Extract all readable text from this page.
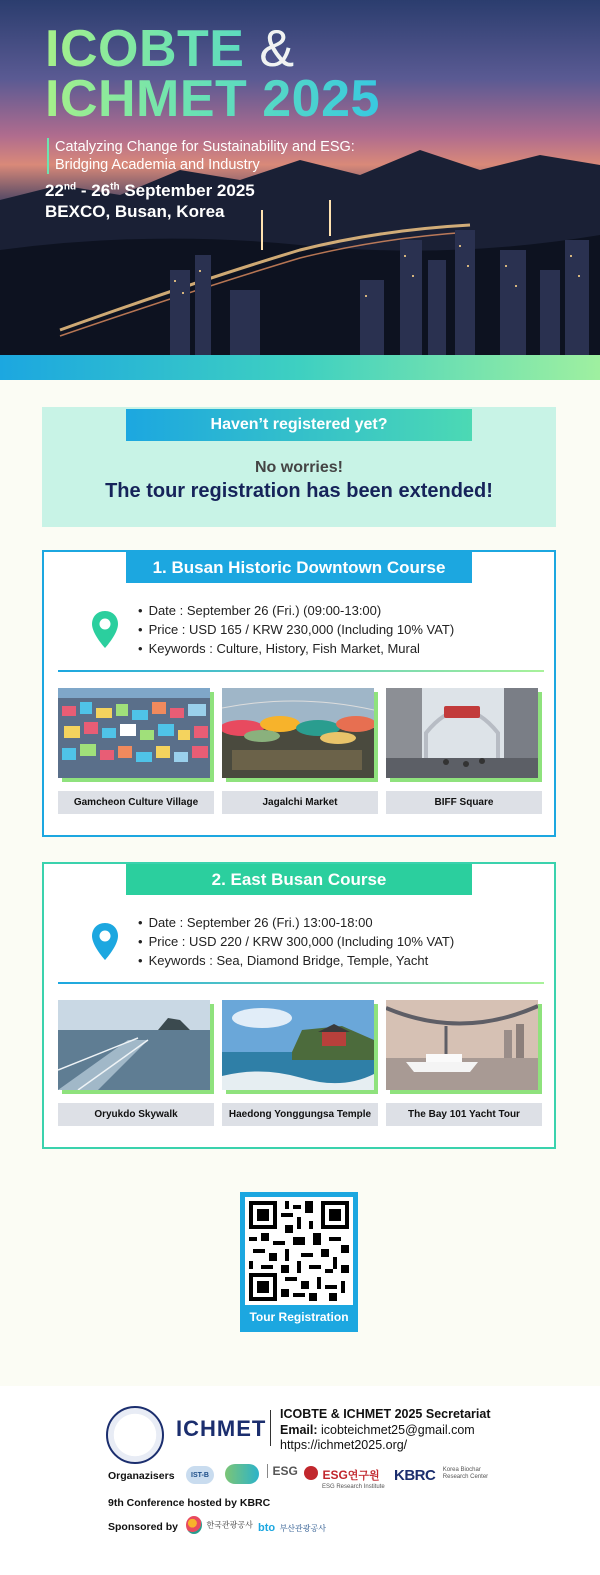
ICOBTE &
ICHMET 2025
Catalyzing Change for Sustainability and ESG:
Bridging Academia and Industry
22nd - 26th September 2025
BEXCO, Busan, Korea
Haven’t registered yet?
No worries!
The tour registration has been extended!
1. Busan Historic Downtown Course
• Date : September 26 (Fri.) (09:00-13:00)
• Price : USD 165 / KRW 230,000 (Including 10% VAT)
• Keywords : Culture, History, Fish Market, Mural
Gamcheon Culture Village	Jagalchi Market	BIFF Square
2. East Busan Course
• Date : September 26 (Fri.) 13:00-18:00
• Price : USD 220 / KRW 300,000 (Including 10% VAT)
• Keywords : Sea, Diamond Bridge, Temple, Yacht
Oryukdo Skywalk	Haedong Yonggungsa Temple	The Bay 101 Yacht Tour
Tour Registration
ICHMET
ICOBTE & ICHMET 2025 Secretariat
Email: icobteichmet25@gmail.com
https://ichmet2025.org/
Organazisers	IST-B	ESG	ESG연구원
ESG Research Institute
KBRC Korea Biochar
Research Center
9th Conference hosted by KBRC
Sponsored by	한국관광공사 bto 부산관광공사
